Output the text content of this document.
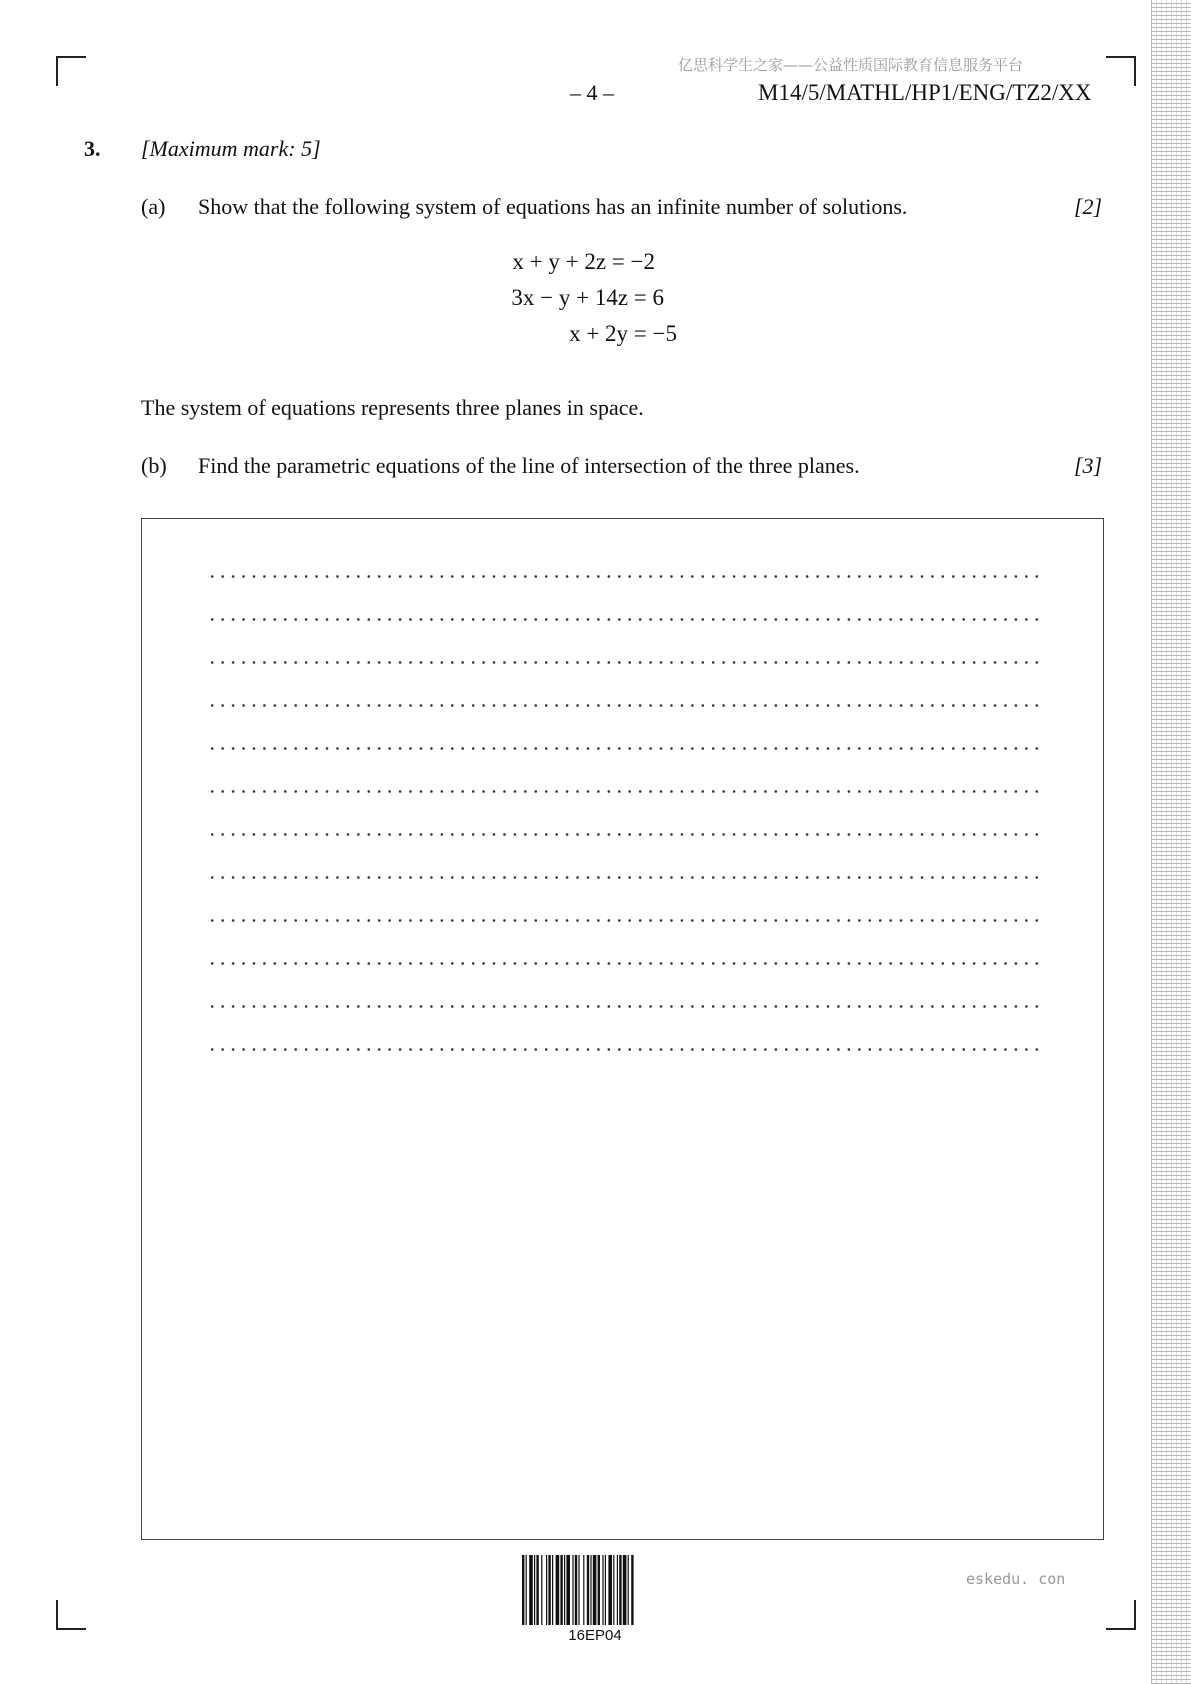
亿思科学生之家——公益性质国际教育信息服务平台
– 4 –	M14/5/MATHL/HP1/ENG/TZ2/XX
3. [Maximum mark: 5]
(a) Show that the following system of equations has an infinite number of solutions.	[2]
x + y + 2z = −2
3x − y + 14z = 6
x + 2y = −5
The system of equations represents three planes in space.
(b) Find the parametric equations of the line of intersection of the three planes.	[3]
16EP04
eskedu. con
